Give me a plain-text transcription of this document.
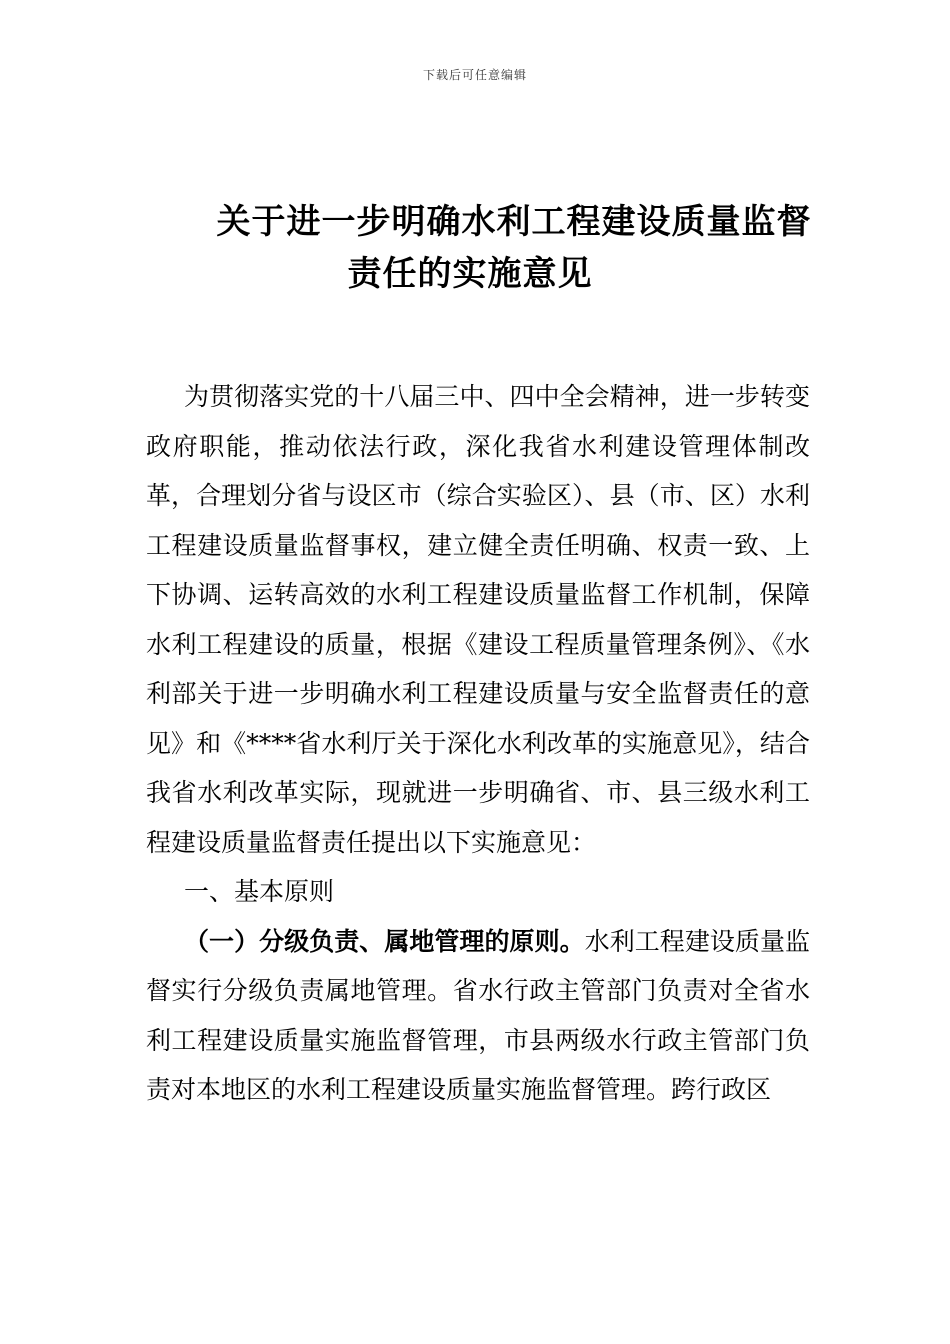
下载后可任意编辑
关于进一步明确水利工程建设质量监督
责任的实施意见

为贯彻落实党的十八届三中、四中全会精神，进一步转变政府职能，推动依法行政，深化我省水利建设管理体制改革，合理划分省与设区市（综合实验区）、县（市、区）水利工程建设质量监督事权，建立健全责任明确、权责一致、上下协调、运转高效的水利工程建设质量监督工作机制，保障水利工程建设的质量，根据《建设工程质量管理条例》、《水利部关于进一步明确水利工程建设质量与安全监督责任的意见》和《****省水利厅关于深化水利改革的实施意见》，结合我省水利改革实际，现就进一步明确省、市、县三级水利工程建设质量监督责任提出以下实施意见：

一、基本原则

（一）分级负责、属地管理的原则。水利工程建设质量监督实行分级负责属地管理。省水行政主管部门负责对全省水利工程建设质量实施监督管理，市县两级水行政主管部门负责对本地区的水利工程建设质量实施监督管理。跨行政区
